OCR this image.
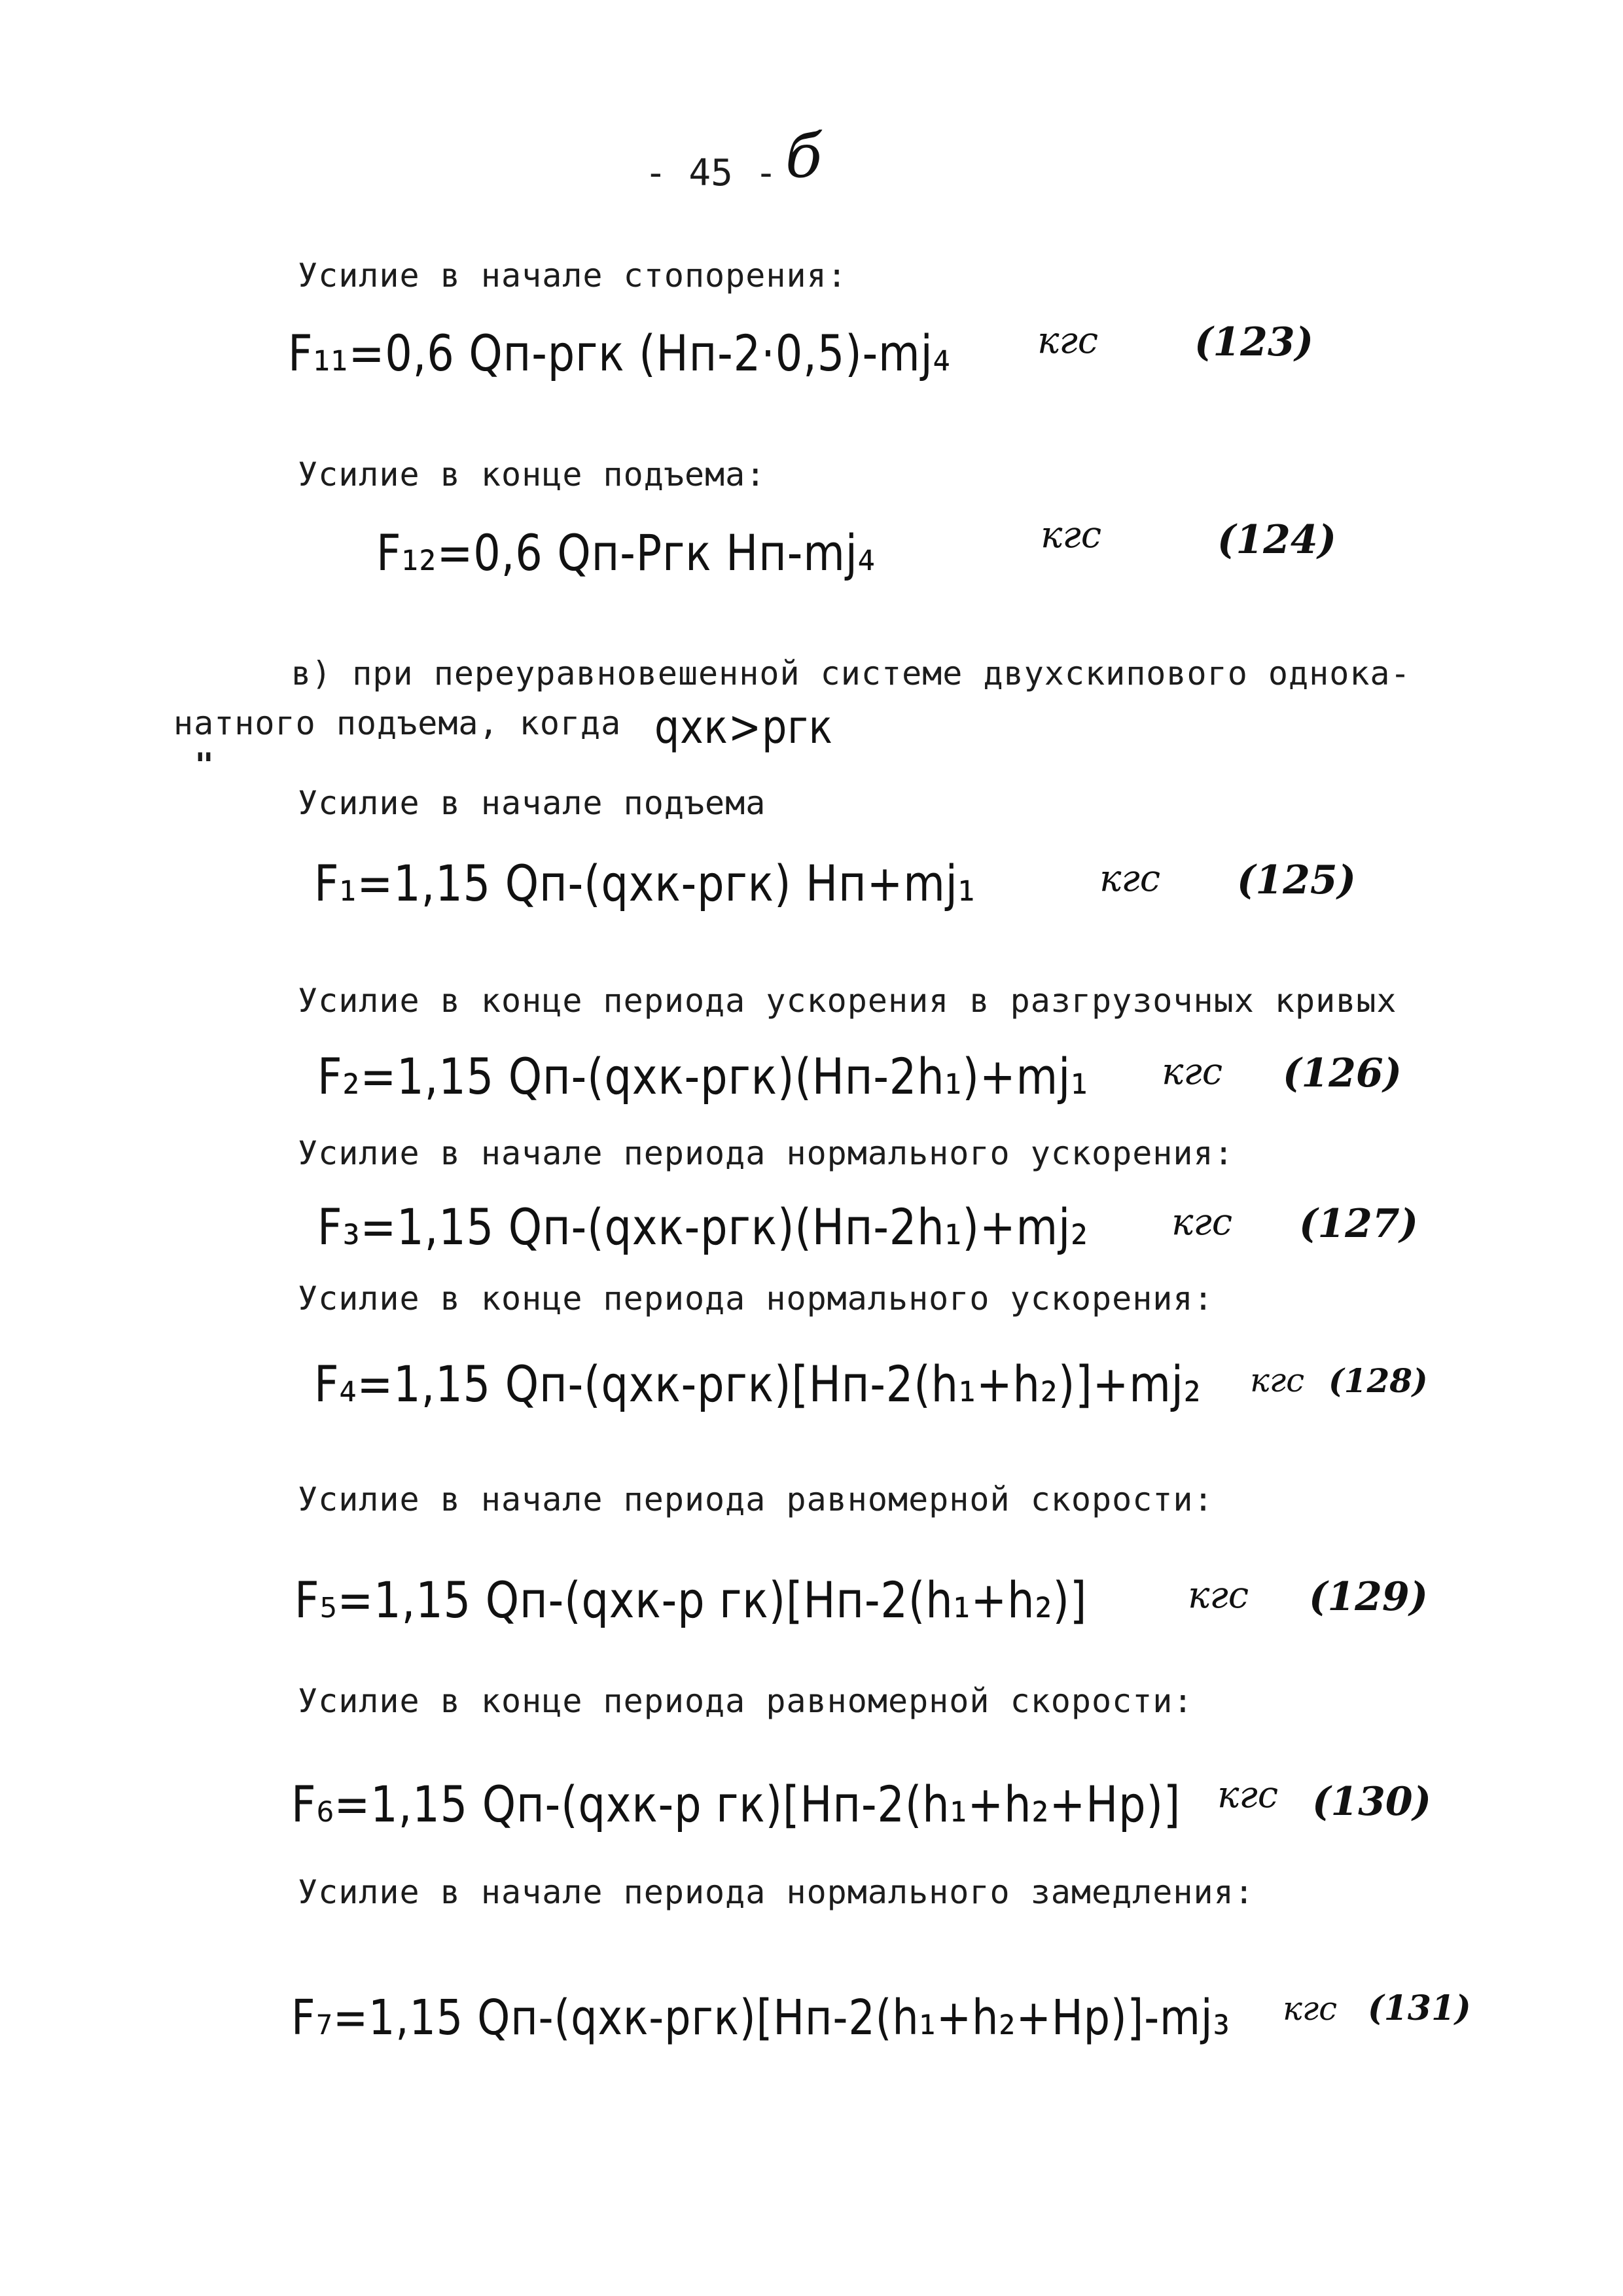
- 45 - б
Усилие в начале стопорения:
F₁₁=0,6 Qп-ргк (Нп-2·0,5)-mj₄ кгс (123)
Усилие в конце подъема:
F₁₂=0,6 Qп-Pгк Hп-mj₄	кгс	(124)
в) при переуравновешенной системе двухскипового однока-
натного подъема, когда qхк>pгк
"
Усилие в начале подъема
F₁=1,15 Qп-(qхк-pгк) Hп+mj₁	кгс (125)
Усилие в конце периода ускорения в разгрузочных кривых
F₂=1,15 Qп-(qхк-pгк)(Hп-2h₁)+mj₁ кгс (126)
Усилие в начале периода нормального ускорения:
F₃=1,15 Qп-(qхк-pгк)(Hп-2h₁)+mj₂ кгс (127)
Усилие в конце периода нормального ускорения:
F₄=1,15 Qп-(qхк-pгк)[Hп-2(h₁+h₂)]+mj₂ кгс (128)
Усилие в начале периода равномерной скорости:
F₅=1,15 Qп-(qхк-p гк)[Hп-2(h₁+h₂)]	кгс (129)
Усилие в конце периода равномерной скорости:
F₆=1,15 Qп-(qхк-p гк)[Hп-2(h₁+h₂+Hp)] кгс (130)
Усилие в начале периода нормального замедления:
F₇=1,15 Qп-(qхк-pгк)[Hп-2(h₁+h₂+Hp)]-mj₃ кгс (131)
